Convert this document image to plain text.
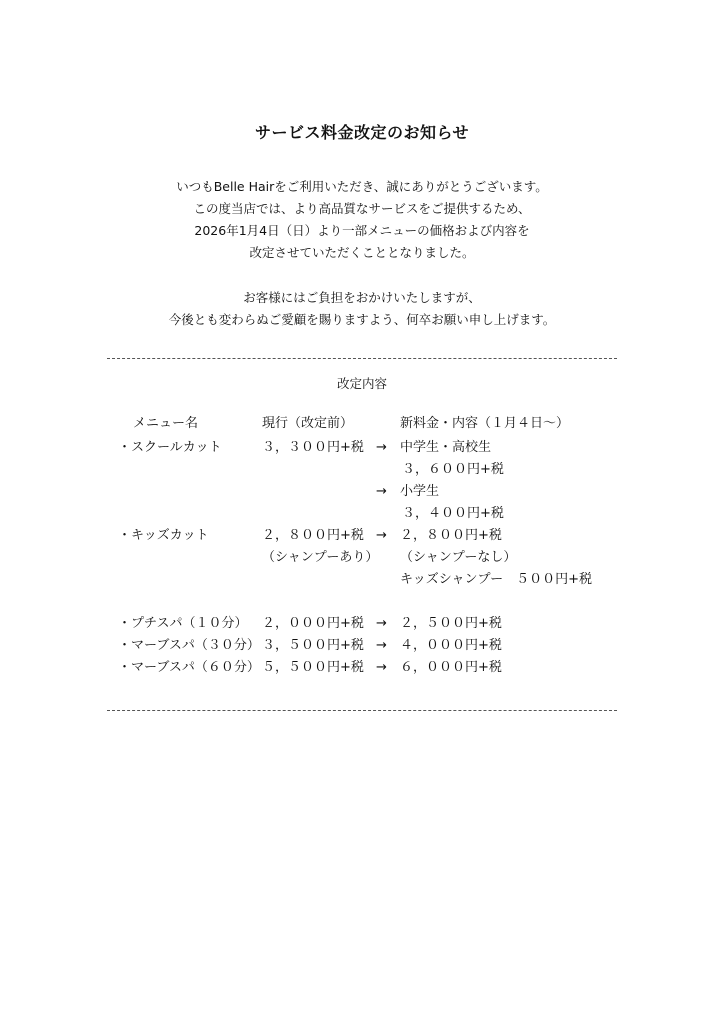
サービス料金改定のお知らせ

いつもBelle Hairをご利用いただき、誠にありがとうございます。

この度当店では、より高品質なサービスをご提供するため、

2026年1月4日（日）より一部メニューの価格および内容を

改定させていただくこととなりました。

お客様にはご負担をおかけいたしますが、

今後とも変わらぬご愛顧を賜りますよう、何卒お願い申し上げます。

改定内容
メニュー名	現行（改定前）	新料金・内容（１月４日～）
・スクールカット	３，３００円+税 → 中学生・高校生
３，６００円+税
→ 小学生
３，４００円+税
・キッズカット	２，８００円+税 → ２，８００円+税
（シャンプーあり） （シャンプーなし）
キッズシャンプー　５００円+税
・プチスパ（１０分） ２，０００円+税 → ２，５００円+税
・マーブスパ（３０分） ３，５００円+税 → ４，０００円+税
・マーブスパ（６０分） ５，５００円+税 → ６，０００円+税
